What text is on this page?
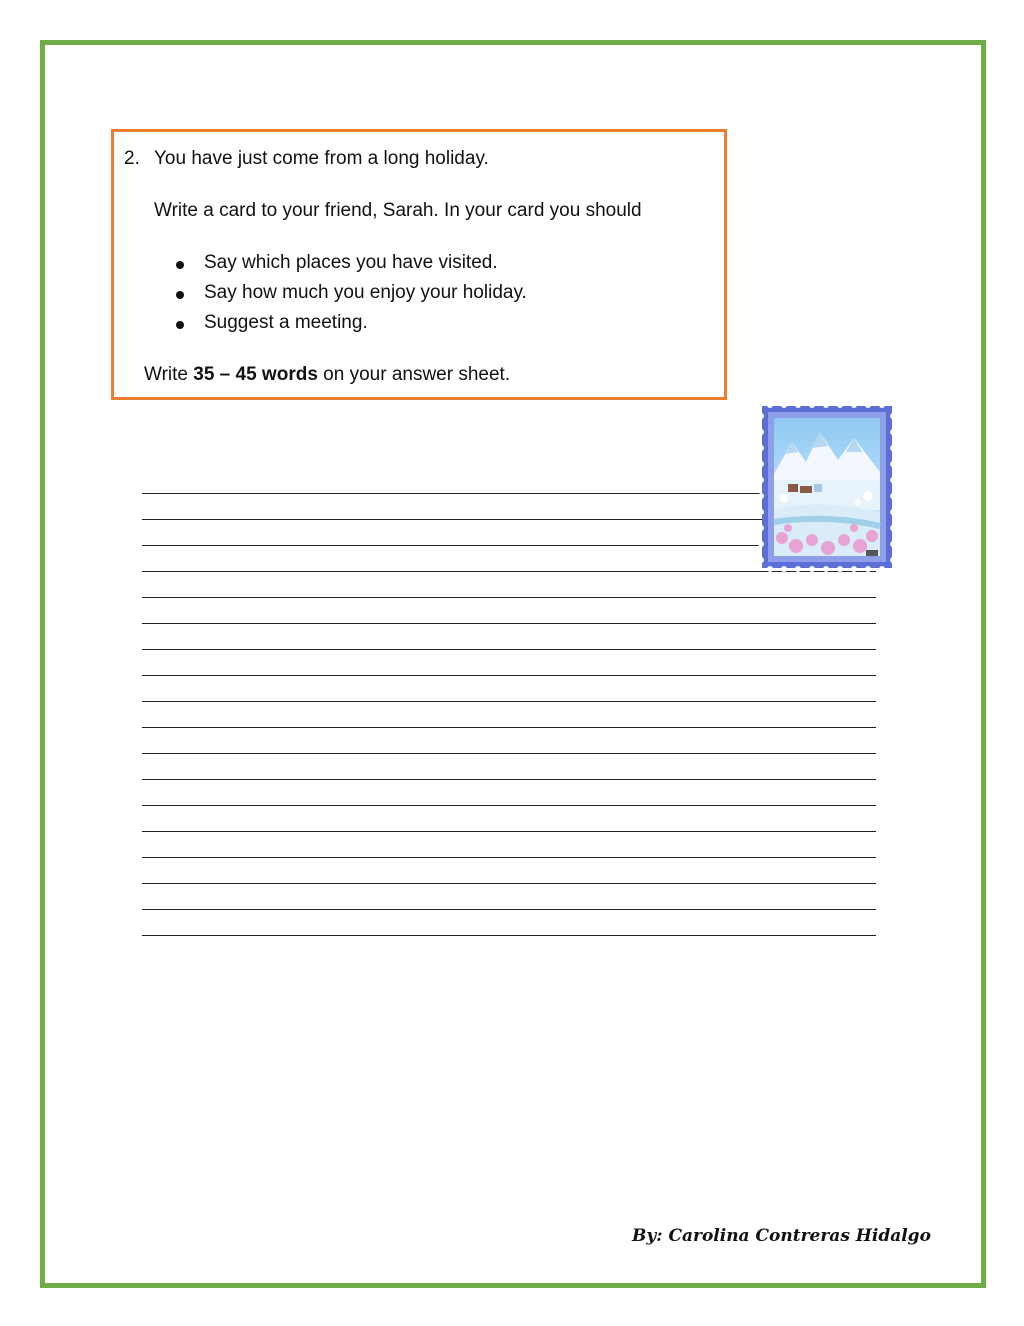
2. You have just come from a long holiday.
Write a card to your friend, Sarah. In your card you should
Say which places you have visited.
Say how much you enjoy your holiday.
Suggest a meeting.
Write 35 – 45 words on your answer sheet.
By: Carolina Contreras Hidalgo
